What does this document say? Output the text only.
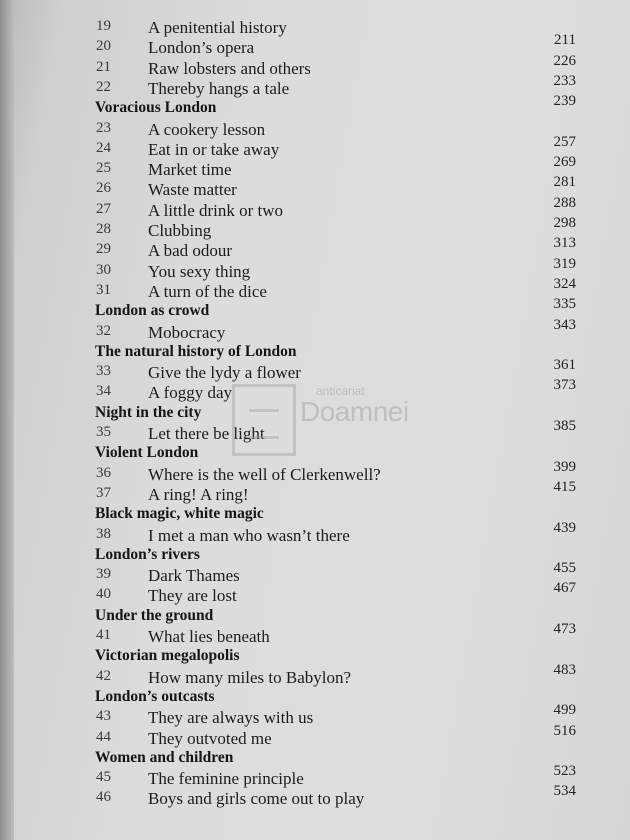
19	A penitential history
20	London’s opera	211
21	Raw lobsters and others	226
22	Thereby hangs a tale	233
Voracious London	239
23	A cookery lesson
24	Eat in or take away	257
25	Market time	269
26	Waste matter	281
27	A little drink or two	288
28	Clubbing	298
29	A bad odour	313
30	You sexy thing	319
31	A turn of the dice	324
London as crowd	335
32	Mobocracy	343
The natural history of London
33	Give the lydy a flower	361
34	A foggy day	373
Night in the city
35	Let there be light	385
Violent London
36	Where is the well of Clerkenwell?	399
37	A ring! A ring!	415
Black magic, white magic
38	I met a man who wasn’t there	439
London’s rivers
39	Dark Thames	455
40	They are lost	467
Under the ground
41	What lies beneath	473
Victorian megalopolis
42	How many miles to Babylon?	483
London’s outcasts
43	They are always with us	499
44	They outvoted me	516
Women and children
45	The feminine principle	523
46	Boys and girls come out to play	534
anticariat
Doamnei
